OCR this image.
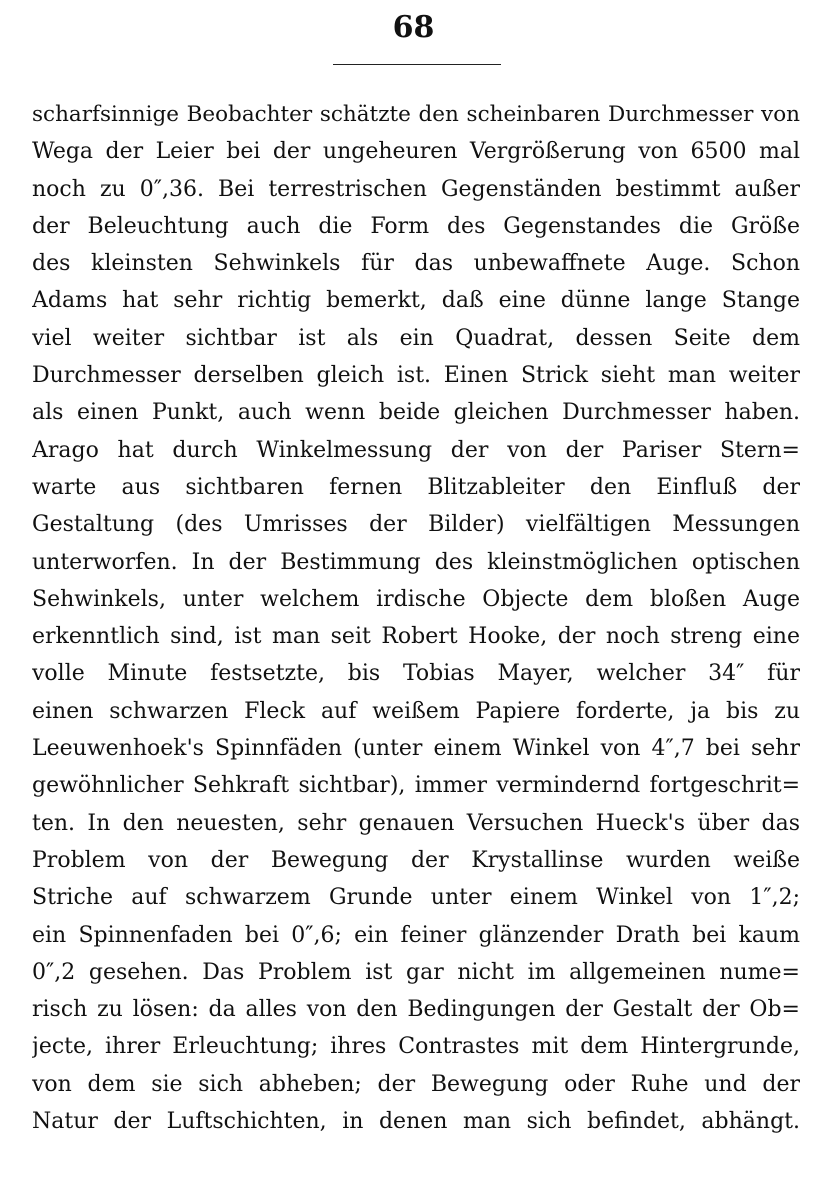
68
scharfsinnige Beobachter schätzte den scheinbaren Durchmesser von
Wega der Leier bei der ungeheuren Vergrößerung von 6500 mal
noch zu 0″,36. Bei terrestrischen Gegenständen bestimmt außer
der Beleuchtung auch die Form des Gegenstandes die Größe
des kleinsten Sehwinkels für das unbewaffnete Auge. Schon
Adams hat sehr richtig bemerkt, daß eine dünne lange Stange
viel weiter sichtbar ist als ein Quadrat, dessen Seite dem
Durchmesser derselben gleich ist. Einen Strick sieht man weiter
als einen Punkt, auch wenn beide gleichen Durchmesser haben.
Arago hat durch Winkelmessung der von der Pariser Stern=
warte aus sichtbaren fernen Blitzableiter den Einfluß der
Gestaltung (des Umrisses der Bilder) vielfältigen Messungen
unterworfen. In der Bestimmung des kleinstmöglichen optischen
Sehwinkels, unter welchem irdische Objecte dem bloßen Auge
erkenntlich sind, ist man seit Robert Hooke, der noch streng eine
volle Minute festsetzte, bis Tobias Mayer, welcher 34″ für
einen schwarzen Fleck auf weißem Papiere forderte, ja bis zu
Leeuwenhoek's Spinnfäden (unter einem Winkel von 4″,7 bei sehr
gewöhnlicher Sehkraft sichtbar), immer vermindernd fortgeschrit=
ten. In den neuesten, sehr genauen Versuchen Hueck's über das
Problem von der Bewegung der Krystallinse wurden weiße
Striche auf schwarzem Grunde unter einem Winkel von 1″,2;
ein Spinnenfaden bei 0″,6; ein feiner glänzender Drath bei kaum
0″,2 gesehen. Das Problem ist gar nicht im allgemeinen nume=
risch zu lösen: da alles von den Bedingungen der Gestalt der Ob=
jecte, ihrer Erleuchtung; ihres Contrastes mit dem Hintergrunde,
von dem sie sich abheben; der Bewegung oder Ruhe und der
Natur der Luftschichten, in denen man sich befindet, abhängt.
